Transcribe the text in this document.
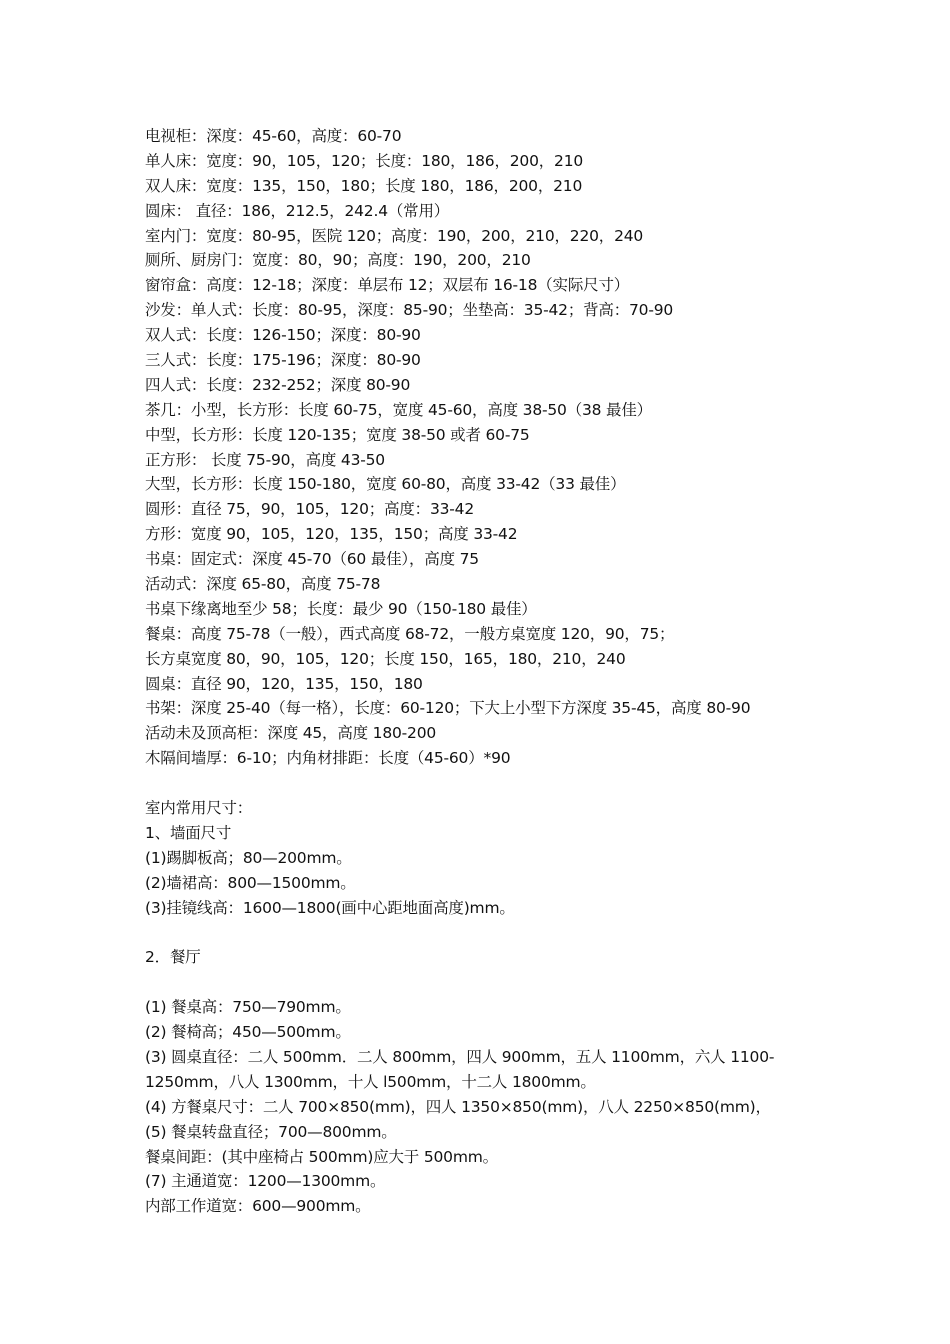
电视柜：深度：45-60，高度：60-70
单人床：宽度：90，105，120；长度：180，186，200，210
双人床：宽度：135，150，180；长度 180，186，200，210
圆床： 直径：186，212.5，242.4（常用）
室内门：宽度：80-95，医院 120；高度：190，200，210，220，240
厕所、厨房门：宽度：80，90；高度：190，200，210
窗帘盒：高度：12-18；深度：单层布 12；双层布 16-18（实际尺寸）
沙发：单人式：长度：80-95，深度：85-90；坐垫高：35-42；背高：70-90
双人式：长度：126-150；深度：80-90
三人式：长度：175-196；深度：80-90
四人式：长度：232-252；深度 80-90
茶几：小型，长方形：长度 60-75，宽度 45-60，高度 38-50（38 最佳）
中型，长方形：长度 120-135；宽度 38-50 或者 60-75
正方形： 长度 75-90，高度 43-50
大型，长方形：长度 150-180，宽度 60-80，高度 33-42（33 最佳）
圆形：直径 75，90，105，120；高度：33-42
方形：宽度 90，105，120，135，150；高度 33-42
书桌：固定式：深度 45-70（60 最佳），高度 75
活动式：深度 65-80，高度 75-78
书桌下缘离地至少 58；长度：最少 90（150-180 最佳）
餐桌：高度 75-78（一般），西式高度 68-72，一般方桌宽度 120，90，75；
长方桌宽度 80，90，105，120；长度 150，165，180，210，240
圆桌：直径 90，120，135，150，180
书架：深度 25-40（每一格），长度：60-120；下大上小型下方深度 35-45，高度 80-90
活动未及顶高柜：深度 45，高度 180-200
木隔间墙厚：6-10；内角材排距：长度（45-60）*90
室内常用尺寸：
1、墙面尺寸
(1)踢脚板高；80—200mm。
(2)墙裙高：800—1500mm。
(3)挂镜线高：1600—1800(画中心距地面高度)mm。
2．餐厅
(1) 餐桌高：750—790mm。
(2) 餐椅高；450—500mm。
(3) 圆桌直径：二人 500mm．二人 800mm，四人 900mm，五人 1100mm，六人 1100-
1250mm，八人 1300mm，十人 l500mm，十二人 1800mm。
(4) 方餐桌尺寸：二人 700×850(mm)，四人 1350×850(mm)，八人 2250×850(mm)，
(5) 餐桌转盘直径；700—800mm。
餐桌间距：(其中座椅占 500mm)应大于 500mm。
(7) 主通道宽：1200—1300mm。
内部工作道宽：600—900mm。
